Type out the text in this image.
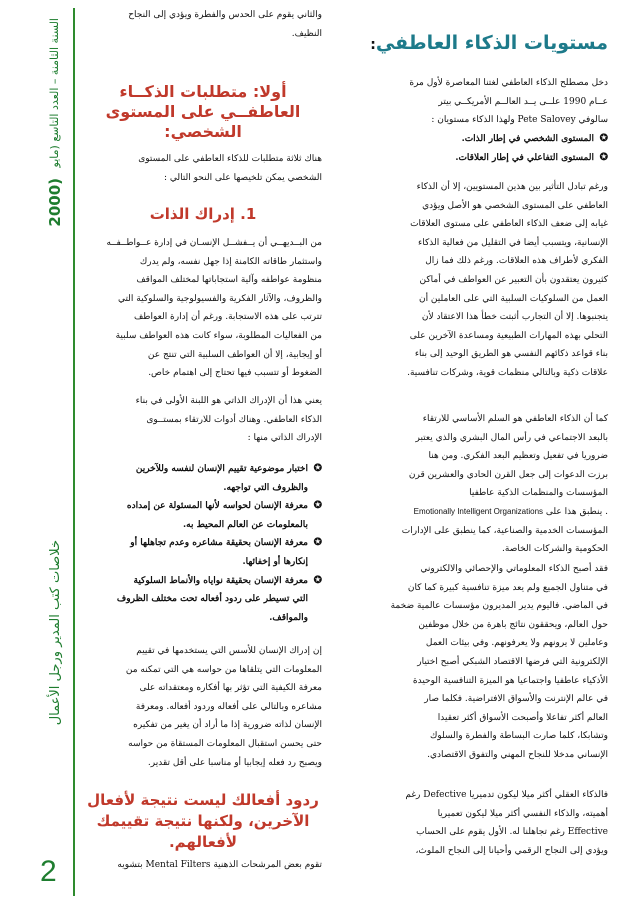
السنة الثامنة – العدد التاسع (مايو
(2000
خلاصات كتب المدير ورجل الأعمال
2
مستويات الذكاء العاطفي:

دخل مصطلح الذكاء العاطفي لغتنا المعاصرة لأول مرة

عــام 1990 علــى يــد العالــم الأمريكــي بيتر

سالوفي Pete Salovey ولهذا الذكاء مستويان :

✪المستوى الشخصي في إطار الذات.

✪المستوى التفاعلي في إطار العلاقات.

ورغم تبادل التأثير بين هذين المستويين، إلا أن الذكاء

العاطفي على المستوى الشخصي هو الأصل ويؤدي

غيابه إلى ضعف الذكاء العاطفي على مستوى العلاقات

الإنسانية، ويتسبب أيضا في التقليل من فعالية الذكاء

الفكري لأطراف هذه العلاقات. ورغم ذلك فما زال

كثيرون يعتقدون بأن التعبير عن العواطف في أماكن

العمل من السلوكيات السلبية التي على العاملين أن

يتجنبوها. إلا أن التجارب أثبتت خطأ هذا الاعتقاد لأن

التحلي بهذه المهارات الطبيعية ومساعدة الآخرين على

بناء قواعد ذكائهم النفسي هو الطريق الوحيد إلى بناء

علاقات ذكية وبالتالي منظمات قوية، وشركات تنافسية.

كما أن الذكاء العاطفي هو السلم الأساسي للارتقاء

بالبعد الاجتماعي في رأس المال البشري والذي يعتبر

ضروريا في تفعيل وتعظيم البعد الفكري. ومن هنا

برزت الدعوات إلى جعل القرن الحادي والعشرين قرن

المؤسسات والمنظمات الذكية عاطفيا

. ينطبق هذا على Emotionally Intelligent Organizations

المؤسسات الخدمية والصناعية، كما ينطبق على الإدارات

الحكومية والشركات الخاصة.

فقد أصبح الذكاء المعلوماتي والإحصائي والالكتروني

في متناول الجميع ولم يعد ميزة تنافسية كبيرة كما كان

في الماضي. فاليوم يدير المديرون مؤسسات عالمية ضخمة

حول العالم، ويحققون نتائج باهرة من خلال موظفين

وعاملين لا يرونهم ولا يعرفونهم. وفي بيئات العمل

الإلكترونية التي فرضها الاقتصاد الشبكي أصبح اختيار

الأذكياء عاطفيا واجتماعيا هو الميزة التنافسية الوحيدة

في عالم الإنترنت والأسواق الافتراضية. فكلما صار

العالم أكثر تفاعلا وأصبحت الأسواق أكثر تعقيدا

وتشابكا، كلما صارت البساطة والفطرة والسلوك

الإنساني مدخلا للنجاح المهني والتفوق الاقتصادي.

فالذكاء العقلي أكثر ميلا ليكون تدميريا Defective رغم

أهميته، والذكاء النفسي أكثر ميلا ليكون تعميريا

Effective رغم تجاهلنا له. الأول يقوم على الحساب

ويؤدي إلى النجاح الرقمي وأحيانا إلى النجاح الملوث،

والثاني يقوم على الحدس والفطرة ويؤدي إلى النجاح

النظيف.

أولا: متطلبات الذكــاء

العاطفــي على المستوى

الشخصي:

هناك ثلاثة متطلبات للذكاء العاطفي على المستوى

الشخصي يمكن تلخيصها على النحو التالي :

1. إدراك الذات

من البــديهــي أن يــفشــل الإنسـان في إدارة عــواطــفــه

واستثمار طاقاته الكامنة إذا جهل نفسه، ولم يدرك

منظومة عواطفه وآلية استجاباتها لمختلف المواقف

والظروف، والآثار الفكرية والفسيولوجية والسلوكية التي

تترتب على هذه الاستجابة. ورغم أن إدارة العواطف

من الفعاليات المطلوبة، سواء كانت هذه العواطف سلبية

أو إيجابية، إلا أن العواطف السلبية التي تنتج عن

الضغوط أو تتسبب فيها تحتاج إلى اهتمام خاص.

يعني هذا أن الإدراك الذاتي هو اللبنة الأولى في بناء

الذكاء العاطفي. وهناك أدوات للارتقاء بمستــوى

الإدراك الذاتي منها :

✪اختبار موضوعية تقييم الإنسان لنفسه وللآخرين

والظروف التي تواجهه.

✪معرفة الإنسان لحواسه لأنها المسئولة عن إمداده

بالمعلومات عن العالم المحيط به.

✪معرفة الإنسان بحقيقة مشاعره وعدم تجاهلها أو

إنكارها أو إخفائها.

✪معرفة الإنسان بحقيقة نواياه والأنماط السلوكية

التي تسيطر على ردود أفعاله تحت مختلف الظروف

والمواقف.

إن إدراك الإنسان للأسس التي يستخدمها في تقييم

المعلومات التي يتلقاها من حواسه هي التي تمكنه من

معرفة الكيفية التي تؤثر بها أفكاره ومعتقداته على

مشاعره وبالتالي على أفعاله وردود أفعاله. ومعرفة

الإنسان لذاته ضرورية إذا ما أراد أن يغير من تفكيره

حتى يحسن استقبال المعلومات المستقاة من حواسه

ويصبح رد فعله إيجابيا أو مناسبا على أقل تقدير.

ردود أفعالك ليست نتيجة لأفعال

الآخرين، ولكنها نتيجة تقييمك

لأفعالهم.

تقوم بعض المرشحات الذهنية Mental Filters بتشويه
